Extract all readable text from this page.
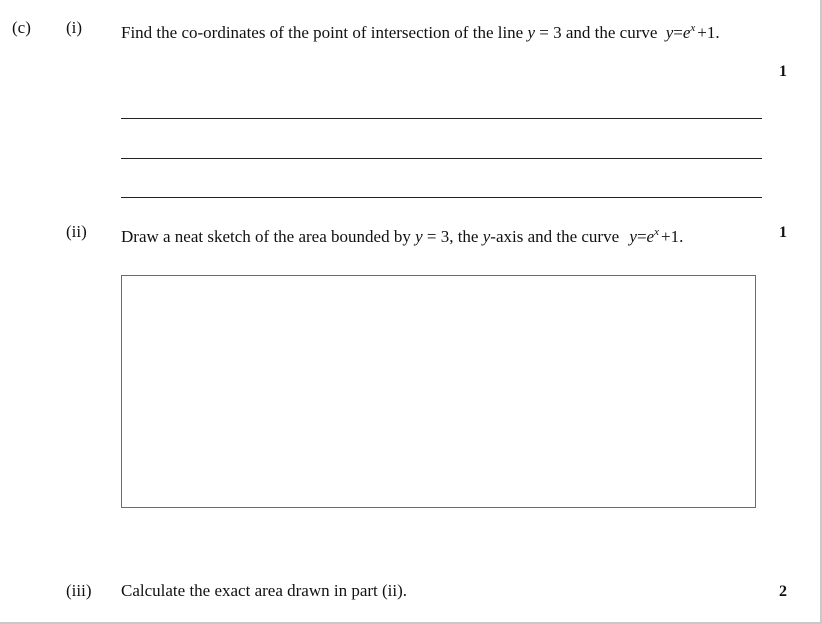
(c) (i) Find the co-ordinates of the point of intersection of the line y = 3 and the curve $y=e^x +1$.
1
(ii) Draw a neat sketch of the area bounded by y = 3, the y-axis and the curve $y=e^x +1$.	1
(iii) Calculate the exact area drawn in part (ii).	2
